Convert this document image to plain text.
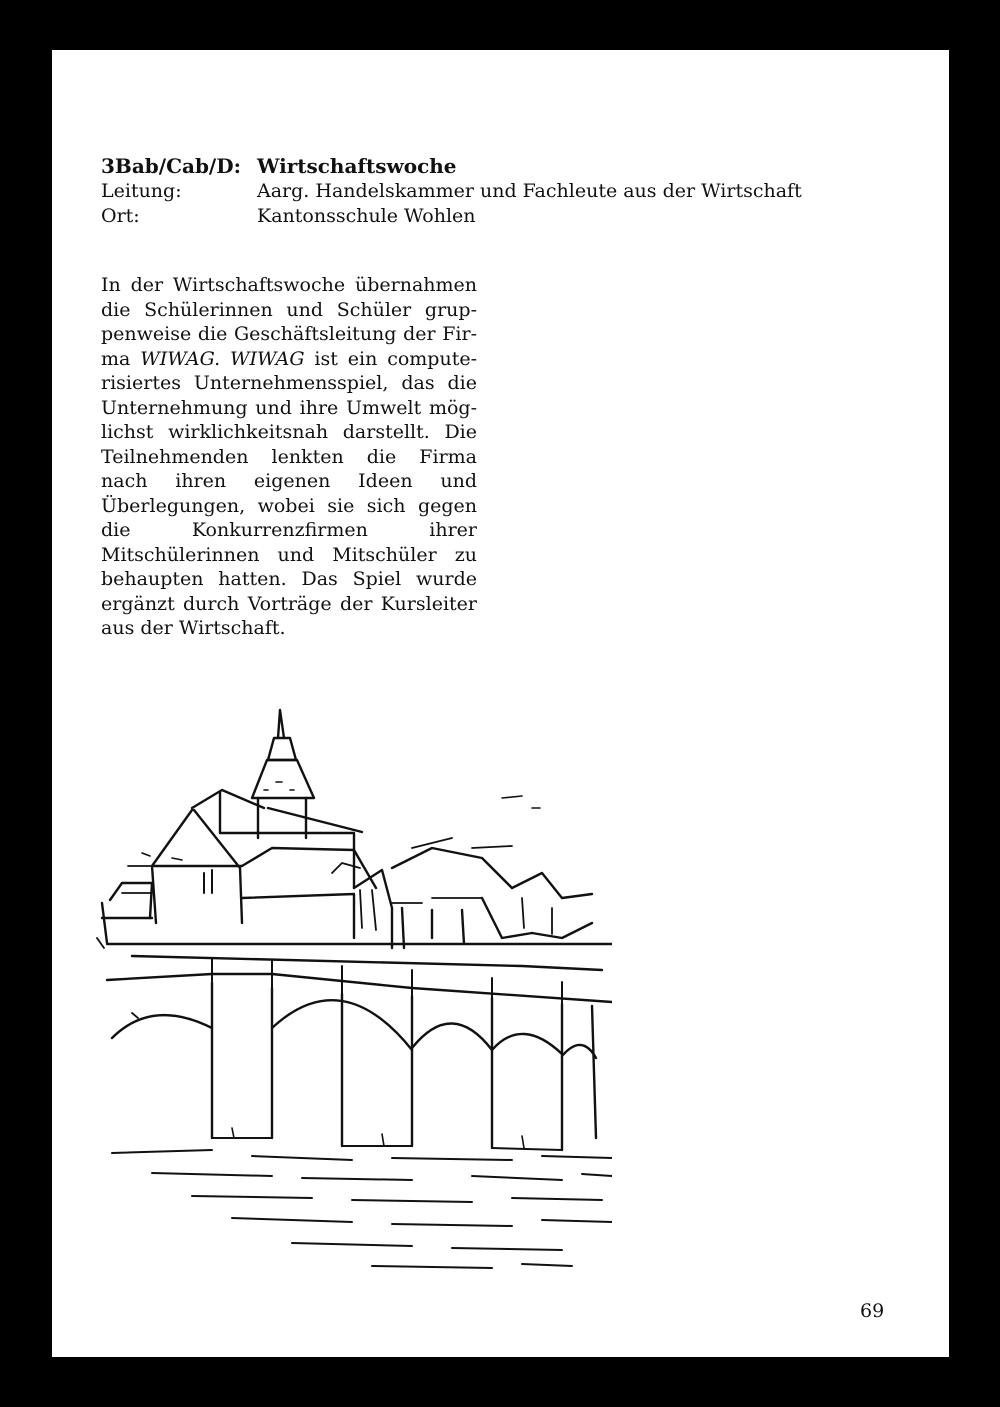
3Bab/Cab/D: Wirtschaftswoche
Leitung:	Aarg. Handelskammer und Fachleute aus der Wirtschaft
Ort:	Kantonsschule Wohlen

In der Wirtschaftswoche übernahmen die Schülerinnen und Schüler gruppenweise die Geschäftsleitung der Firma WIWAG. WIWAG ist ein computerisiertes Unternehmensspiel, das die Unternehmung und ihre Umwelt möglichst wirklichkeitsnah darstellt. Die Teilnehmenden lenkten die Firma nach ihren eigenen Ideen und Überlegungen, wobei sie sich gegen die Konkurrenzfirmen ihrer Mitschülerinnen und Mitschüler zu behaupten hatten. Das Spiel wurde ergänzt durch Vorträge der Kursleiter aus der Wirtschaft.

69
